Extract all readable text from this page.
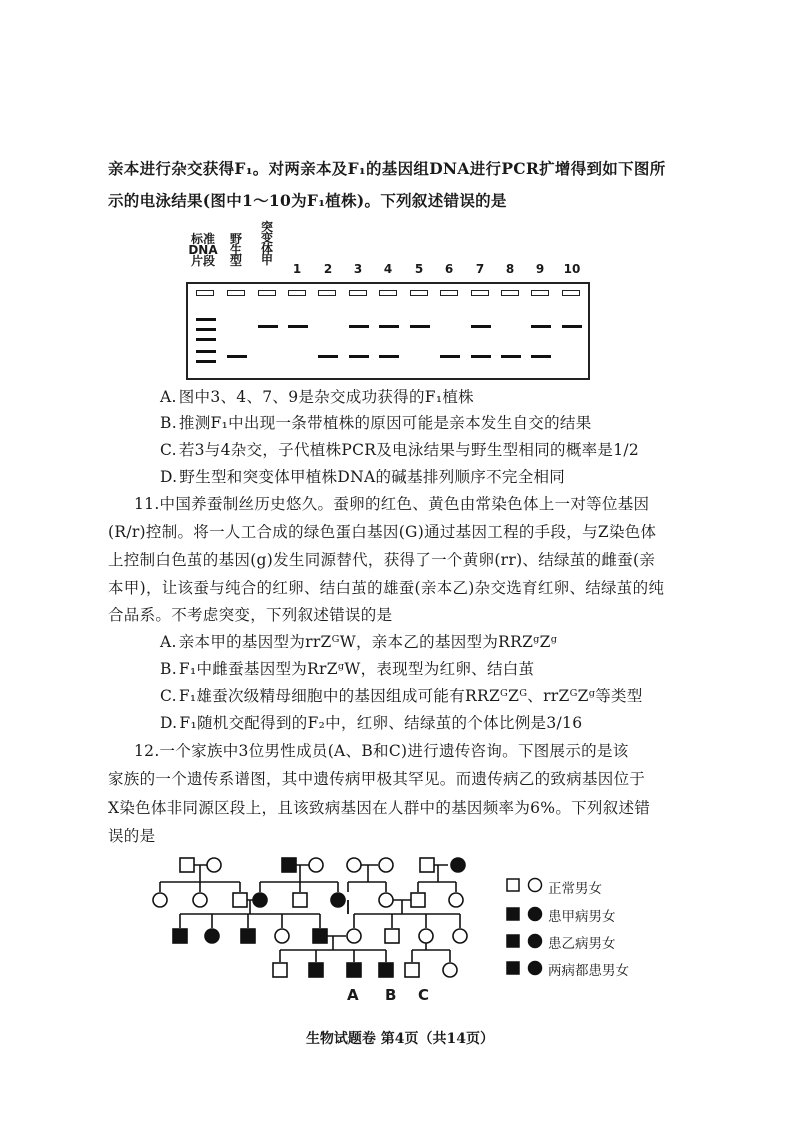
亲本进行杂交获得F₁。对两亲本及F₁的基因组DNA进行PCR扩增得到如下图所
示的电泳结果(图中1～10为F₁植株)。下列叙述错误的是
标准
DNA
片段
野
生
型
突
变
体
甲
1	2	3	4	5	6	7	8	9	10
A. 图中3、4、7、9是杂交成功获得的F₁植株
B. 推测F₁中出现一条带植株的原因可能是亲本发生自交的结果
C. 若3与4杂交，子代植株PCR及电泳结果与野生型相同的概率是1/2
D. 野生型和突变体甲植株DNA的碱基排列顺序不完全相同
11.中国养蚕制丝历史悠久。蚕卵的红色、黄色由常染色体上一对等位基因
(R/r)控制。将一人工合成的绿色蛋白基因(G)通过基因工程的手段，与Z染色体
上控制白色茧的基因(g)发生同源替代，获得了一个黄卵(rr)、结绿茧的雌蚕(亲
本甲)，让该蚕与纯合的红卵、结白茧的雄蚕(亲本乙)杂交选育红卵、结绿茧的纯
合品系。不考虑突变，下列叙述错误的是
A. 亲本甲的基因型为rrZᴳW，亲本乙的基因型为RRZᵍZᵍ
B. F₁中雌蚕基因型为RrZᵍW，表现型为红卵、结白茧
C. F₁雄蚕次级精母细胞中的基因组成可能有RRZᴳZᴳ、rrZᴳZᵍ等类型
D. F₁随机交配得到的F₂中，红卵、结绿茧的个体比例是3/16
12.一个家族中3位男性成员(A、B和C)进行遗传咨询。下图展示的是该
家族的一个遗传系谱图，其中遗传病甲极其罕见。而遗传病乙的致病基因位于
X染色体非同源区段上，且该致病基因在人群中的基因频率为6%。下列叙述错
误的是
A B C
正常男女
患甲病男女
患乙病男女
两病都患男女
生物试题卷 第4页（共14页）
